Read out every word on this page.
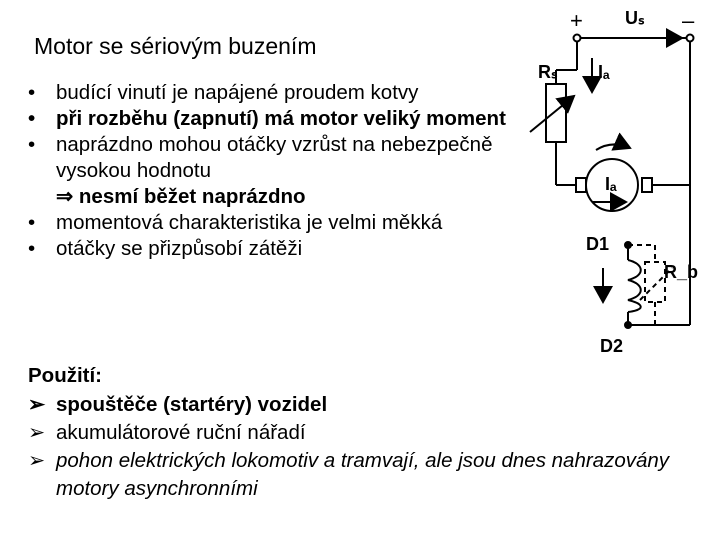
Motor se sériovým buzením
• budící vinutí je napájené proudem kotvy
• při rozběhu (zapnutí) má motor veliký moment
• naprázdno mohou otáčky vzrůst na nebezpečně vysokou hodnotu
⇒ nesmí běžet naprázdno
• momentová charakteristika je velmi měkká
• otáčky se přizpůsobí zátěži
Použití:
➢ spouštěče (startéry) vozidel
➢ akumulátorové ruční nářadí
➢ pohon elektrických lokomotiv a tramvají, ale jsou dnes nahrazovány motory asynchronními
+	–
Uₛ
Rₛ Iₐ
Iₐ
D1
D2
R_b
